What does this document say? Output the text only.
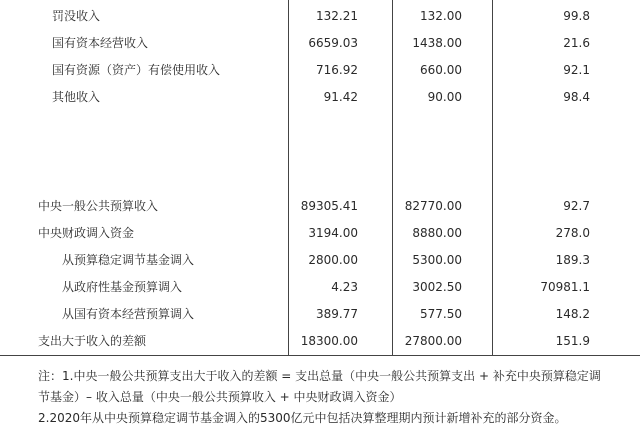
罚没收入	132.21	132.00	99.8
国有资本经营收入	6659.03	1438.00	21.6
国有资源（资产）有偿使用收入	716.92	660.00	92.1
其他收入	91.42	90.00	98.4
中央一般公共预算收入	89305.41	82770.00	92.7
中央财政调入资金	3194.00	8880.00	278.0
从预算稳定调节基金调入	2800.00	5300.00	189.3
从政府性基金预算调入	4.23	3002.50	70981.1
从国有资本经营预算调入	389.77	577.50	148.2
支出大于收入的差额	18300.00	27800.00	151.9

注：1.中央一般公共预算支出大于收入的差额 = 支出总量（中央一般公共预算支出 + 补充中央预算稳定调

节基金）– 收入总量（中央一般公共预算收入 + 中央财政调入资金）

2.2020年从中央预算稳定调节基金调入的5300亿元中包括决算整理期内预计新增补充的部分资金。
